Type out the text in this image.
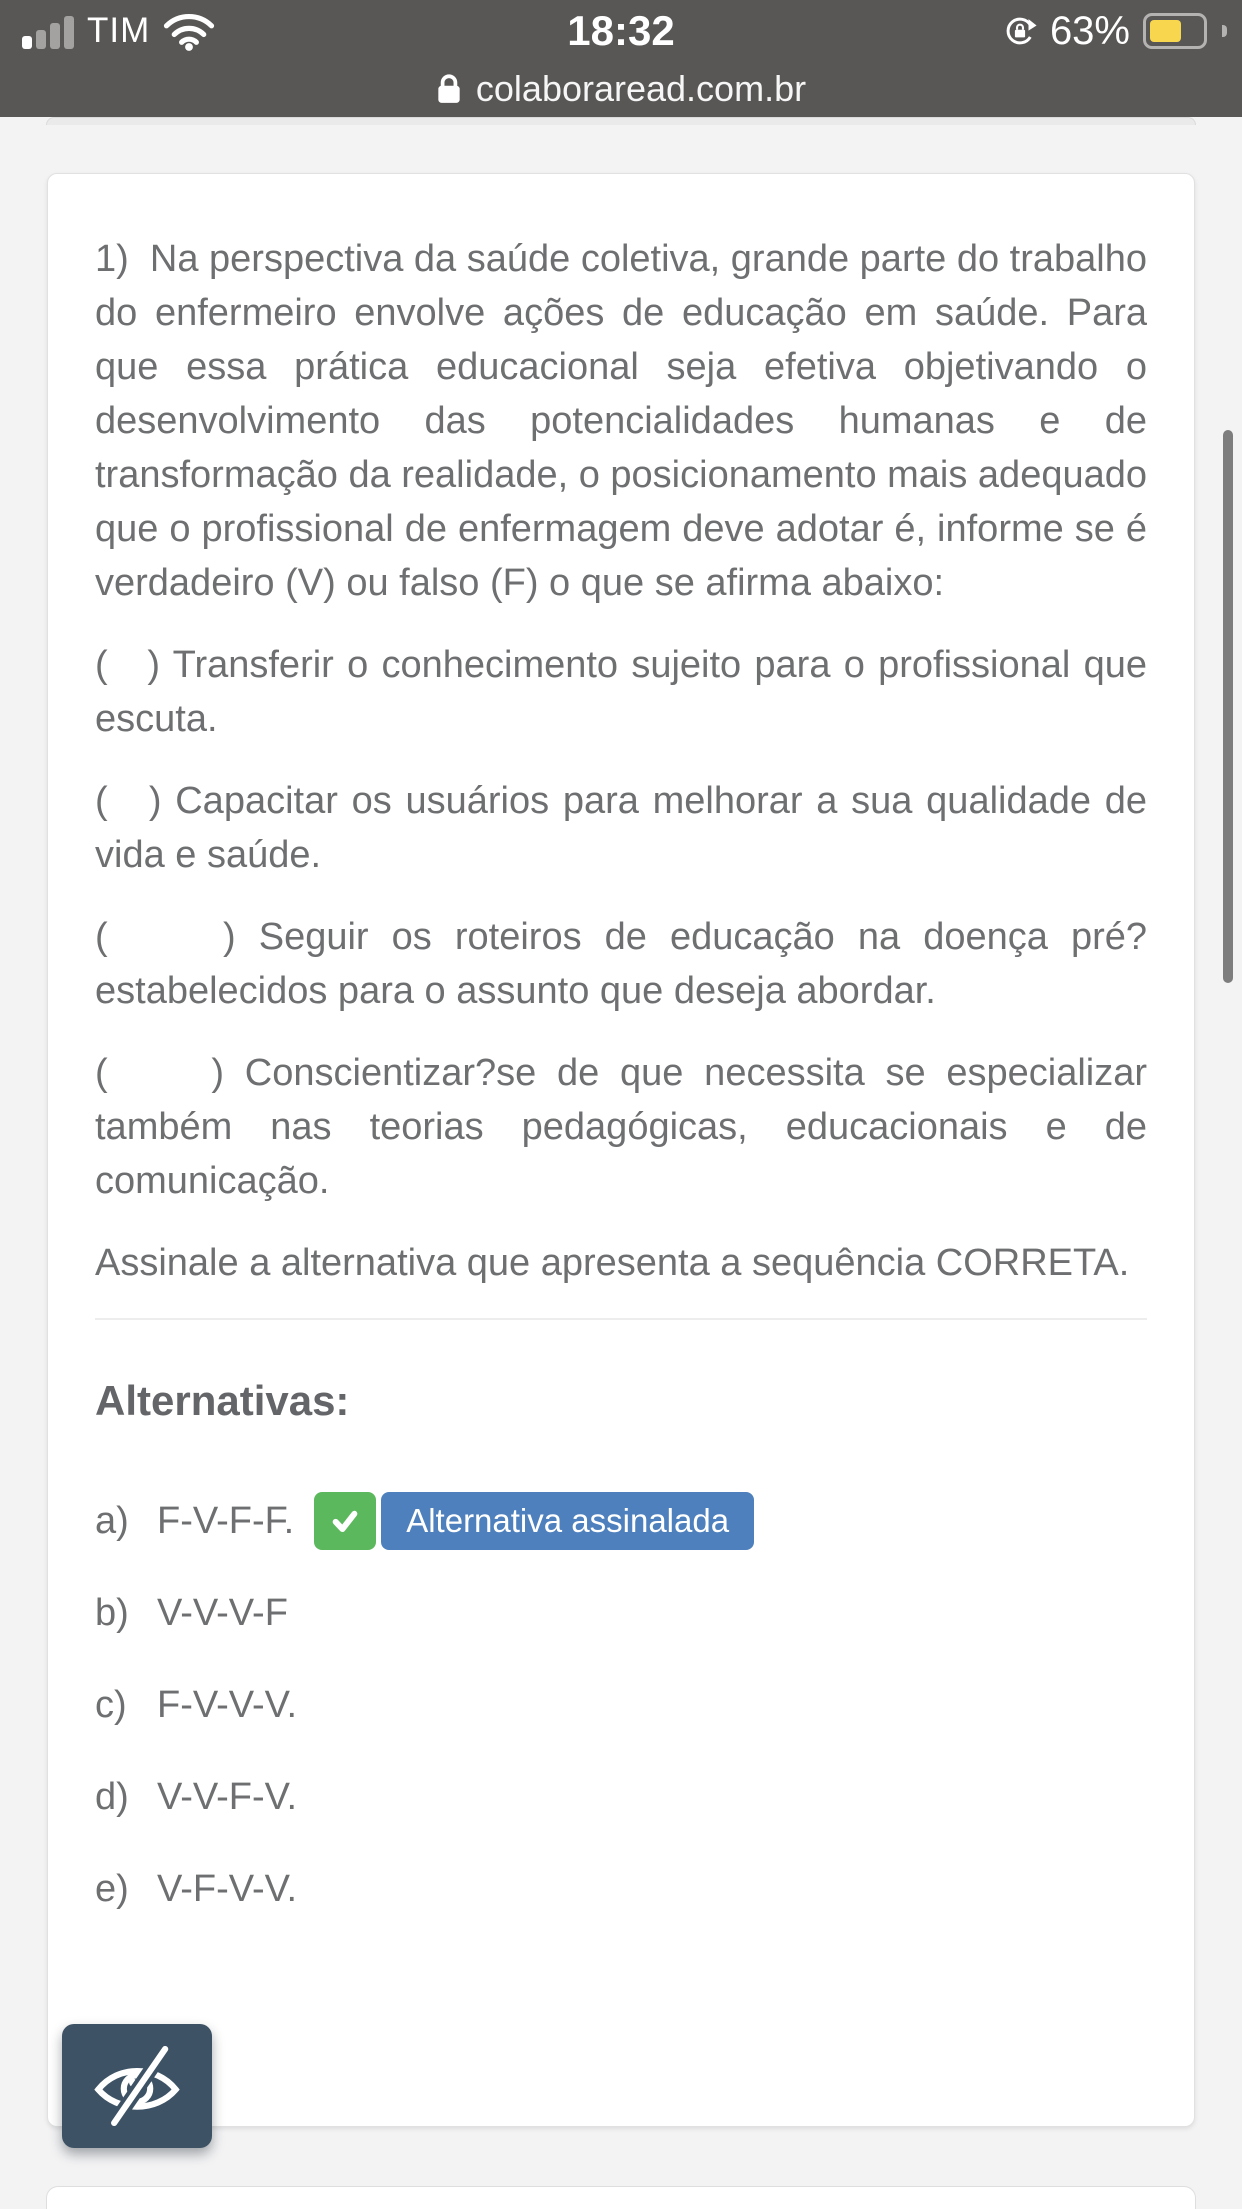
TIM	18:32	63%
colaboraread.com.br

1)  Na perspectiva da saúde coletiva, grande parte do trabalho do enfermeiro envolve ações de educação em saúde. Para que essa prática educacional seja efetiva objetivando o desenvolvimento das potencialidades humanas e de transformação da realidade, o posicionamento mais adequado que o profissional de enfermagem deve adotar é, informe se é verdadeiro (V) ou falso (F) o que se afirma abaixo:

(   ) Transferir o conhecimento sujeito para o profissional que escuta.

(   ) Capacitar os usuários para melhorar a sua qualidade de vida e saúde.

(     ) Seguir os roteiros de educação na doença pré?​estabelecidos para o assunto que deseja abordar.

(     ) Conscientizar?se de que necessita se especializar também nas teorias pedagógicas, educacionais e de comunicação.

Assinale a alternativa que apresenta a sequência CORRETA.

Alternativas:
a) F-V-F-F.	Alternativa assinalada
b) V-V-V-F
c) F-V-V-V.
d) V-V-F-V.
e) V-F-V-V.
